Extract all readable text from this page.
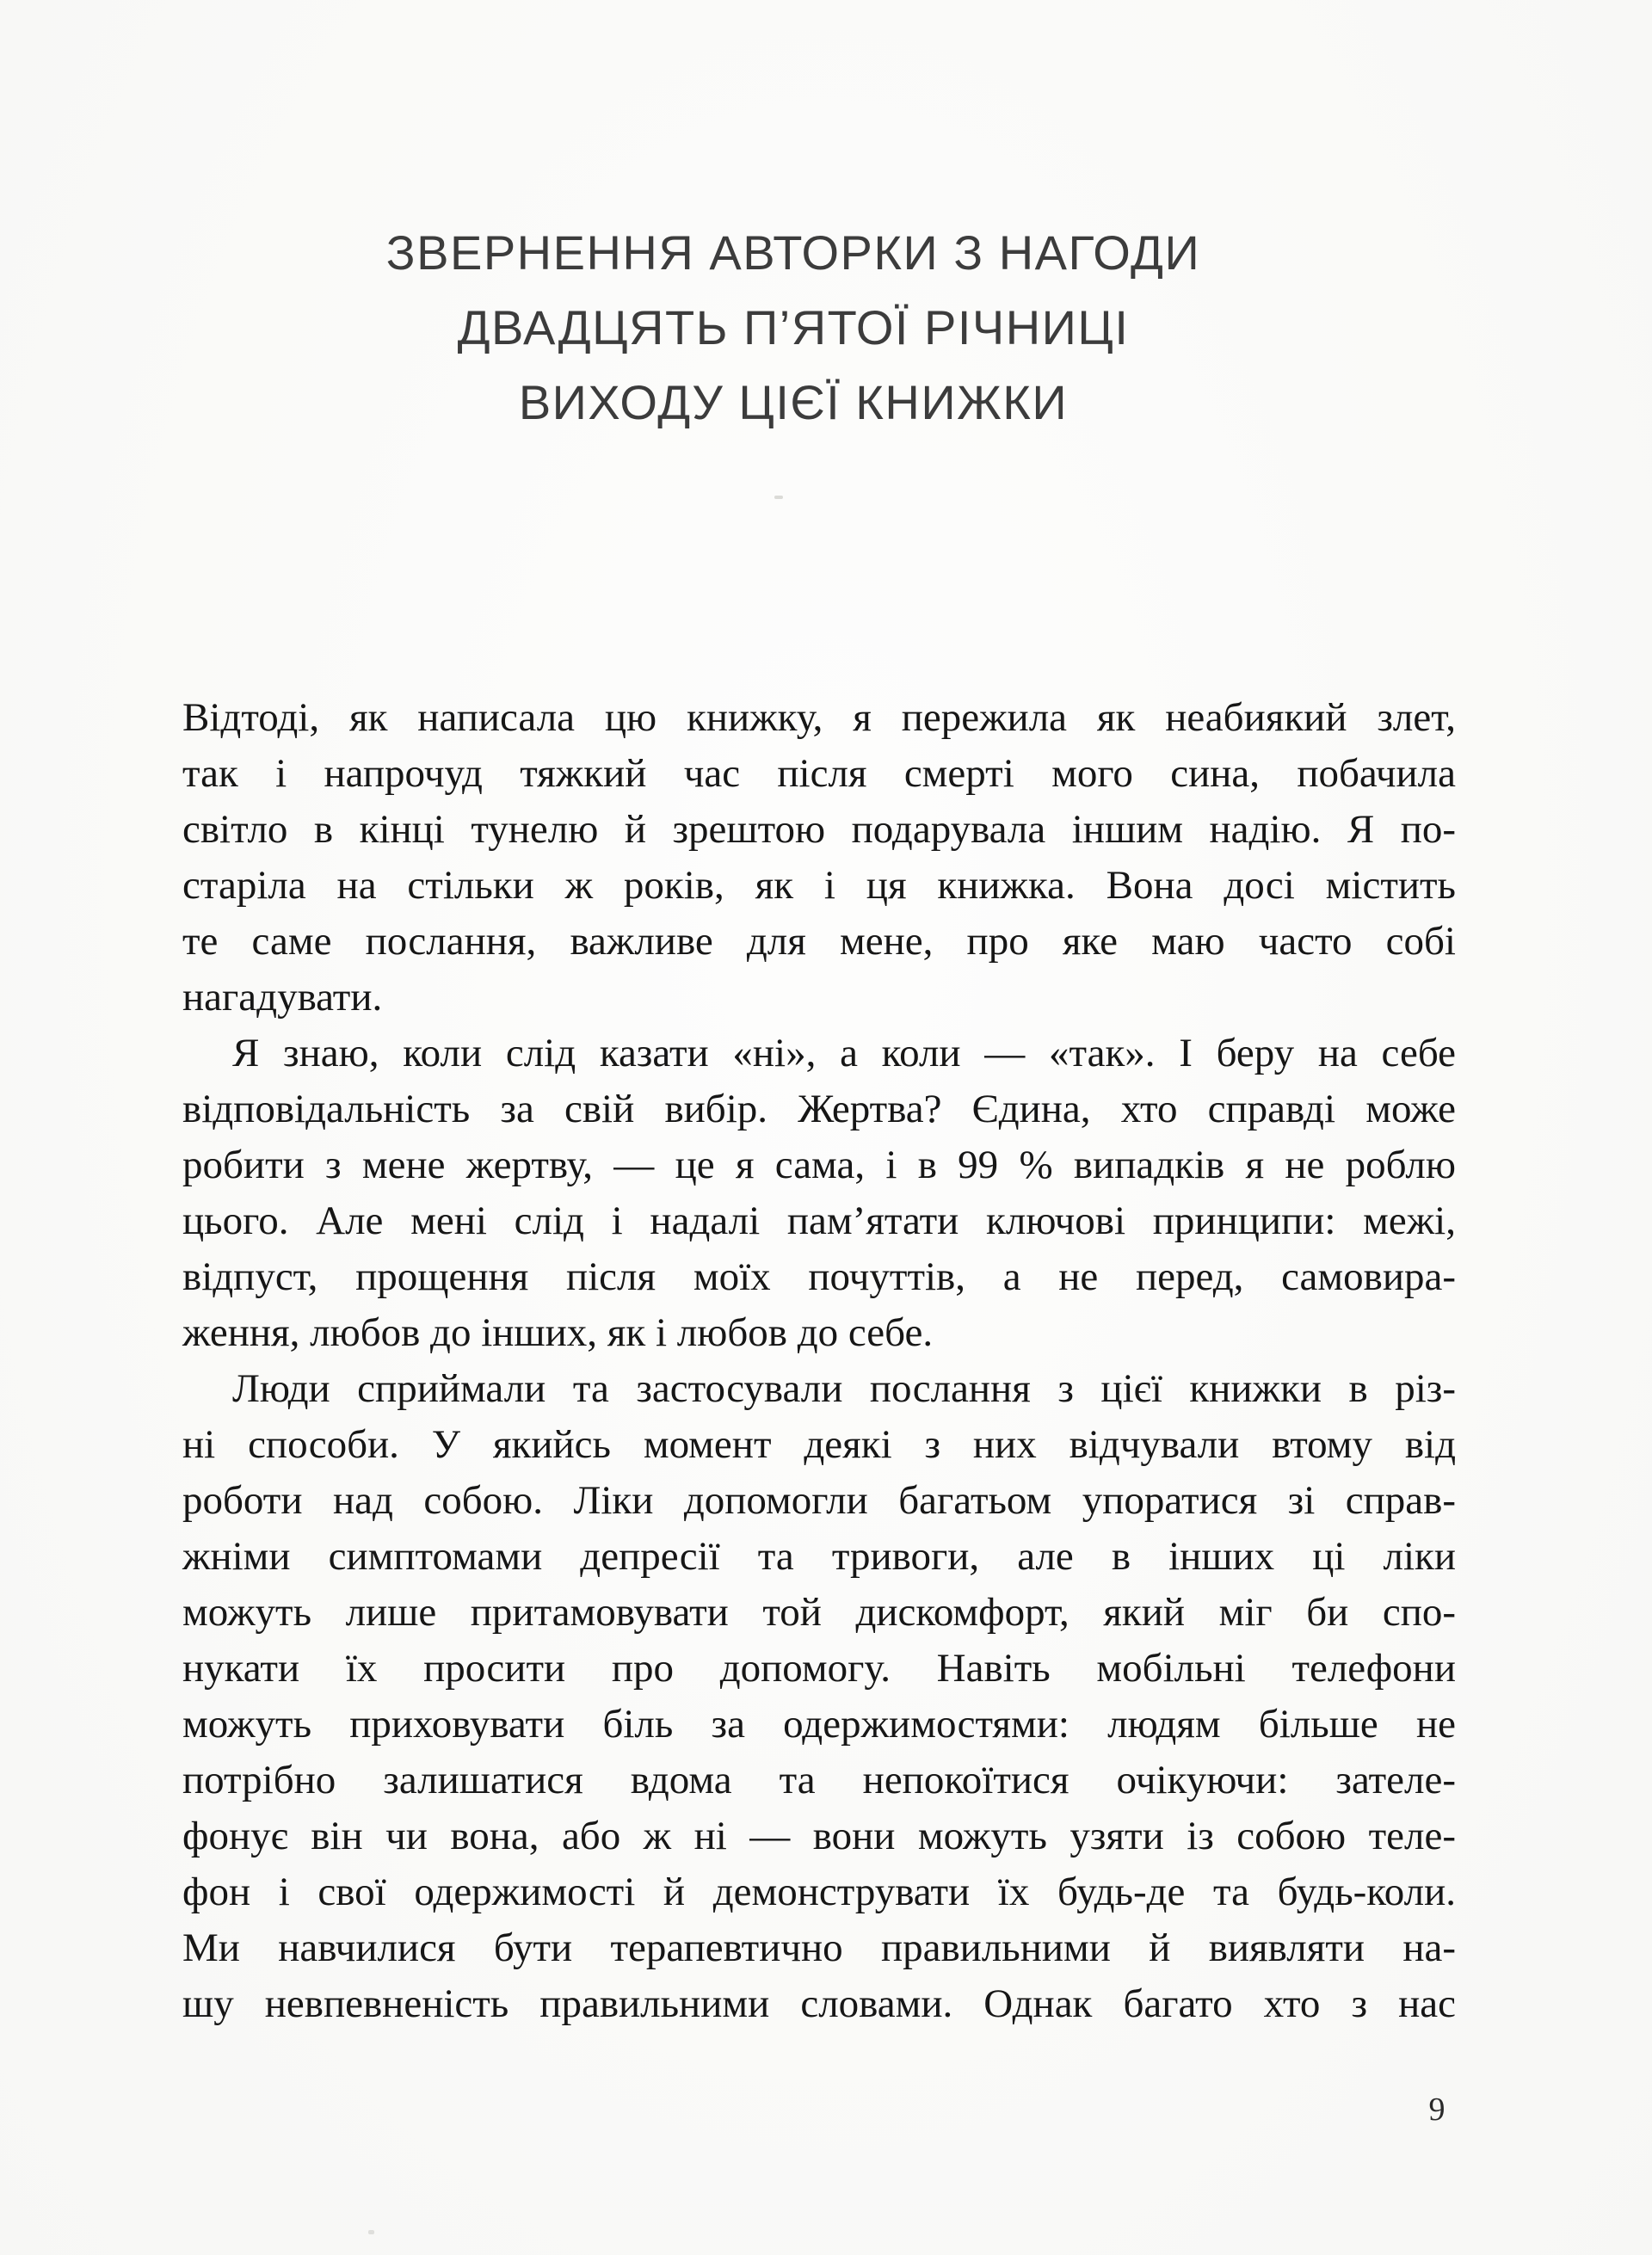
ЗВЕРНЕННЯ АВТОРКИ З НАГОДИ
ДВАДЦЯТЬ П’ЯТОЇ РІЧНИЦІ
ВИХОДУ ЦІЄЇ КНИЖКИ
Відтоді, як написала цю книжку, я пережила як неабиякий злет,
так і напрочуд тяжкий час після смерті мого сина, побачила
світло в кінці тунелю й зрештою подарувала іншим надію. Я по-
старіла на стільки ж років, як і ця книжка. Вона досі містить
те саме послання, важливе для мене, про яке маю часто собі
нагадувати.
Я знаю, коли слід казати «ні», а коли — «так». І беру на себе
відповідальність за свій вибір. Жертва? Єдина, хто справді може
робити з мене жертву, — це я сама, і в 99 % випадків я не роблю
цього. Але мені слід і надалі пам’ятати ключові принципи: межі,
відпуст, прощення після моїх почуттів, а не перед, самовира-
ження, любов до інших, як і любов до себе.
Люди сприймали та застосували послання з цієї книжки в різ-
ні способи. У якийсь момент деякі з них відчували втому від
роботи над собою. Ліки допомогли багатьом упоратися зі справ-
жніми симптомами депресії та тривоги, але в інших ці ліки
можуть лише притамовувати той дискомфорт, який міг би спо-
нукати їх просити про допомогу. Навіть мобільні телефони
можуть приховувати біль за одержимостями: людям більше не
потрібно залишатися вдома та непокоїтися очікуючи: зателе-
фонує він чи вона, або ж ні — вони можуть узяти із собою теле-
фон і свої одержимості й демонструвати їх будь-де та будь-коли.
Ми навчилися бути терапевтично правильними й виявляти на-
шу невпевненість правильними словами. Однак багато хто з нас
9
